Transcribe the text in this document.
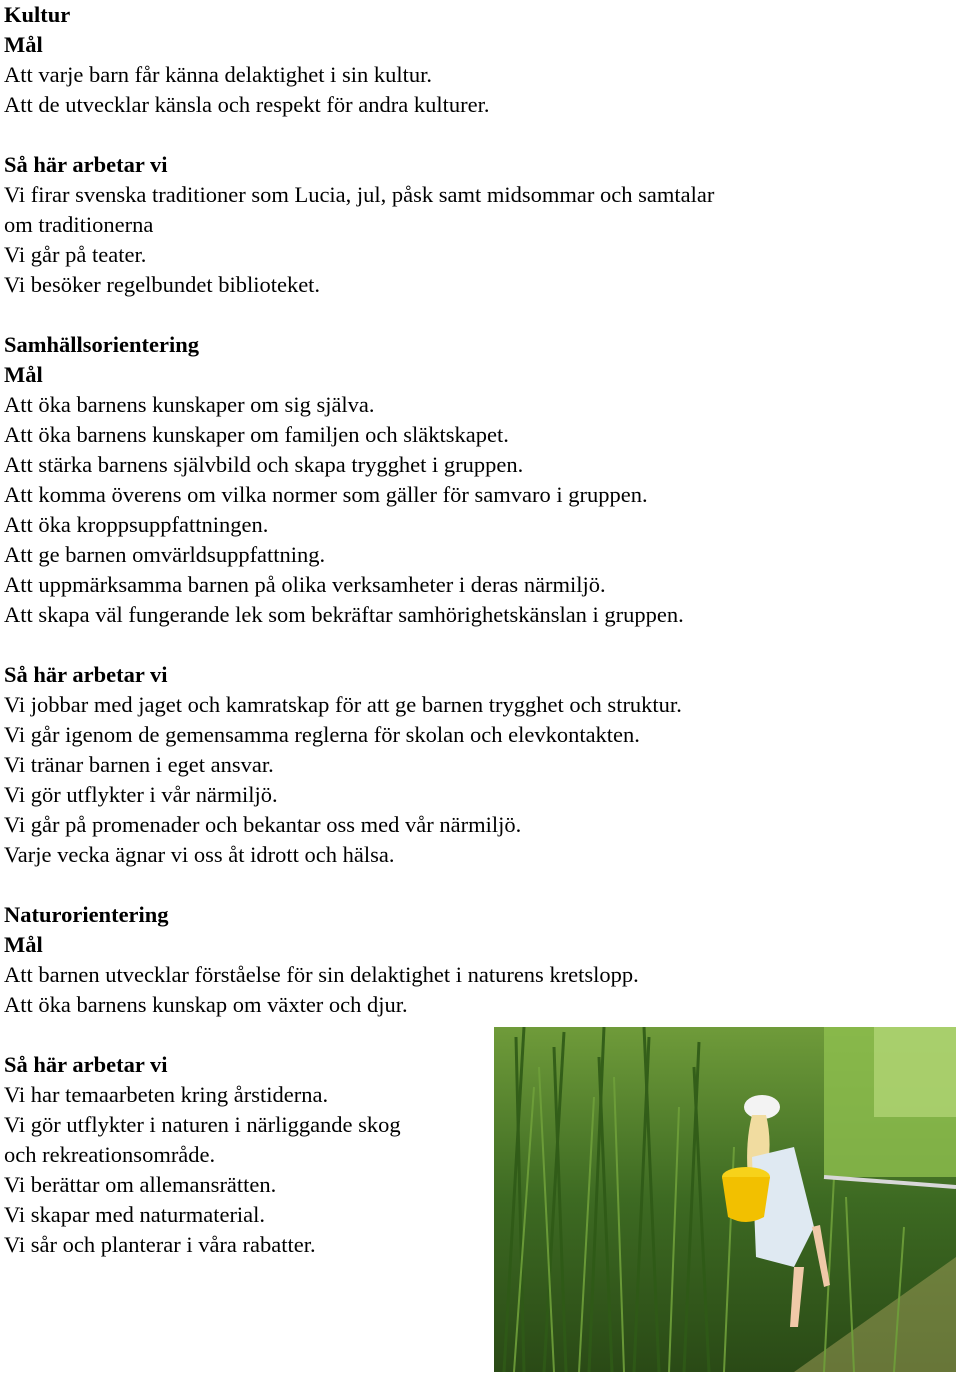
Kultur
Mål
Att varje barn får känna delaktighet i sin kultur.
Att de utvecklar känsla och respekt för andra kulturer.
Så här arbetar vi
Vi firar svenska traditioner som Lucia, jul, påsk samt midsommar och samtalar
om traditionerna
Vi går på teater.
Vi besöker regelbundet biblioteket.
Samhällsorientering
Mål
Att öka barnens kunskaper om sig själva.
Att öka barnens kunskaper om familjen och släktskapet.
Att stärka barnens självbild och skapa trygghet i gruppen.
Att komma överens om vilka normer som gäller för samvaro i gruppen.
Att öka kroppsuppfattningen.
Att ge barnen omvärldsuppfattning.
Att uppmärksamma barnen på olika verksamheter i deras närmiljö.
Att skapa väl fungerande lek som bekräftar samhörighetskänslan i gruppen.
Så här arbetar vi
Vi jobbar med jaget och kamratskap för att ge barnen trygghet och struktur.
Vi går igenom de gemensamma reglerna för skolan och elevkontakten.
Vi tränar barnen i eget ansvar.
Vi gör utflykter i vår närmiljö.
Vi går på promenader och bekantar oss med vår närmiljö.
Varje vecka ägnar vi oss åt idrott och hälsa.
Naturorientering
Mål
Att barnen utvecklar förståelse för sin delaktighet i naturens kretslopp.
Att öka barnens kunskap om växter och djur.
Så här arbetar vi
Vi har temaarbeten kring årstiderna.
Vi gör utflykter i naturen i närliggande skog
och rekreationsområde.
Vi berättar om allemansrätten.
Vi skapar med naturmaterial.
Vi sår och planterar i våra rabatter.
